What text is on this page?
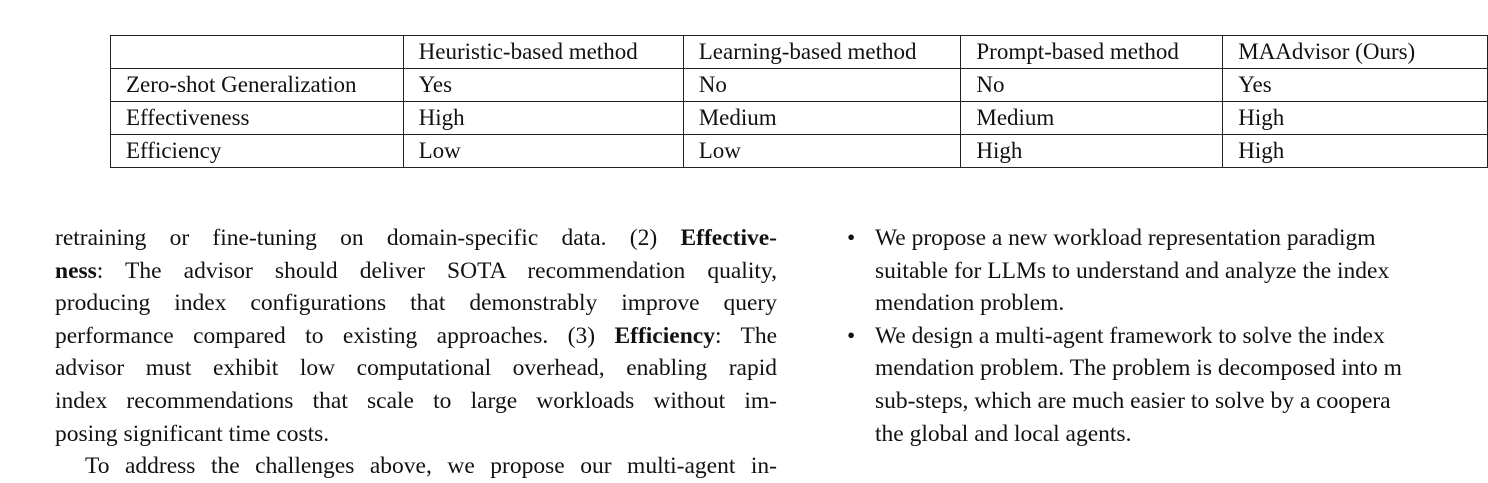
	Heuristic-based method	Learning-based method	Prompt-based method	MAAdvisor (Ours)
Zero-shot Generalization	Yes	No	No	Yes
Effectiveness	High	Medium	Medium	High
Efficiency	Low	Low	High	High
retraining or fine-tuning on domain-specific data. (2) Effective-
ness: The advisor should deliver SOTA recommendation quality,
producing index configurations that demonstrably improve query
performance compared to existing approaches. (3) Efficiency: The
advisor must exhibit low computational overhead, enabling rapid
index recommendations that scale to large workloads without im-
posing significant time costs.
To address the challenges above, we propose our multi-agent in-
• We propose a new workload representation paradigm
suitable for LLMs to understand and analyze the index
mendation problem.
• We design a multi-agent framework to solve the index
mendation problem. The problem is decomposed into m
sub-steps, which are much easier to solve by a coopera
the global and local agents.
